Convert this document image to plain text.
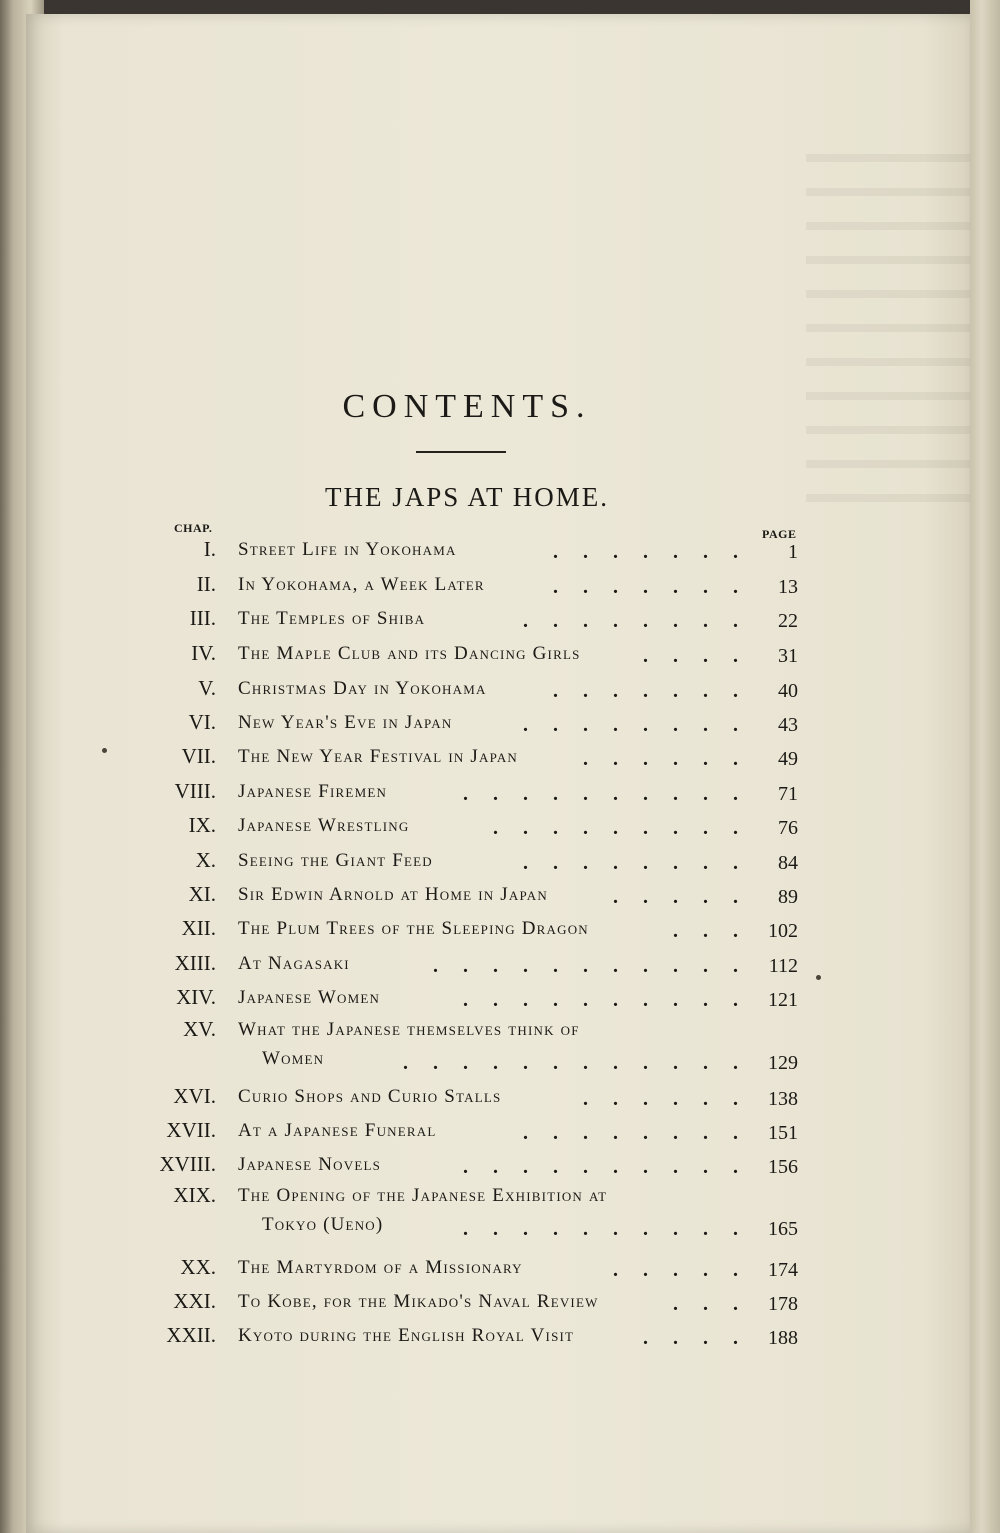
CONTENTS.
THE JAPS AT HOME.
CHAP.	PAGE
I. Street Life in Yokohama	1
. . . . . . .
II. In Yokohama, a Week Later	13
. . . . . . .
III. The Temples of Shiba	22
. . . . . . . .
IV. The Maple Club and its Dancing Girls	31
. . . .
V. Christmas Day in Yokohama	40
. . . . . . .
VI. New Year's Eve in Japan	43
. . . . . . . .
VII. The New Year Festival in Japan	49
. . . . . .
VIII. Japanese Firemen	71
. . . . . . . . . .
IX. Japanese Wrestling	76
. . . . . . . . .
X. Seeing the Giant Feed	84
. . . . . . . .
XI. Sir Edwin Arnold at Home in Japan	89
. . . . .
XII. The Plum Trees of the Sleeping Dragon	102
. . .
XIII. At Nagasaki	112
. . . . . . . . . . .
XIV. Japanese Women	121
. . . . . . . . . .
XV. What the Japanese themselves think of
Women	. . . . . . . . . . . .	129
XVI. Curio Shops and Curio Stalls	138
. . . . . .
XVII. At a Japanese Funeral	151
. . . . . . . .
XVIII. Japanese Novels	156
. . . . . . . . . .
XIX. The Opening of the Japanese Exhibition at
Tokyo (Ueno)	. . . . . . . . . .	165
XX. The Martyrdom of a Missionary	174
. . . . .
XXI. To Kobe, for the Mikado's Naval Review	178
. . .
XXII. Kyoto during the English Royal Visit	188
. . . .
